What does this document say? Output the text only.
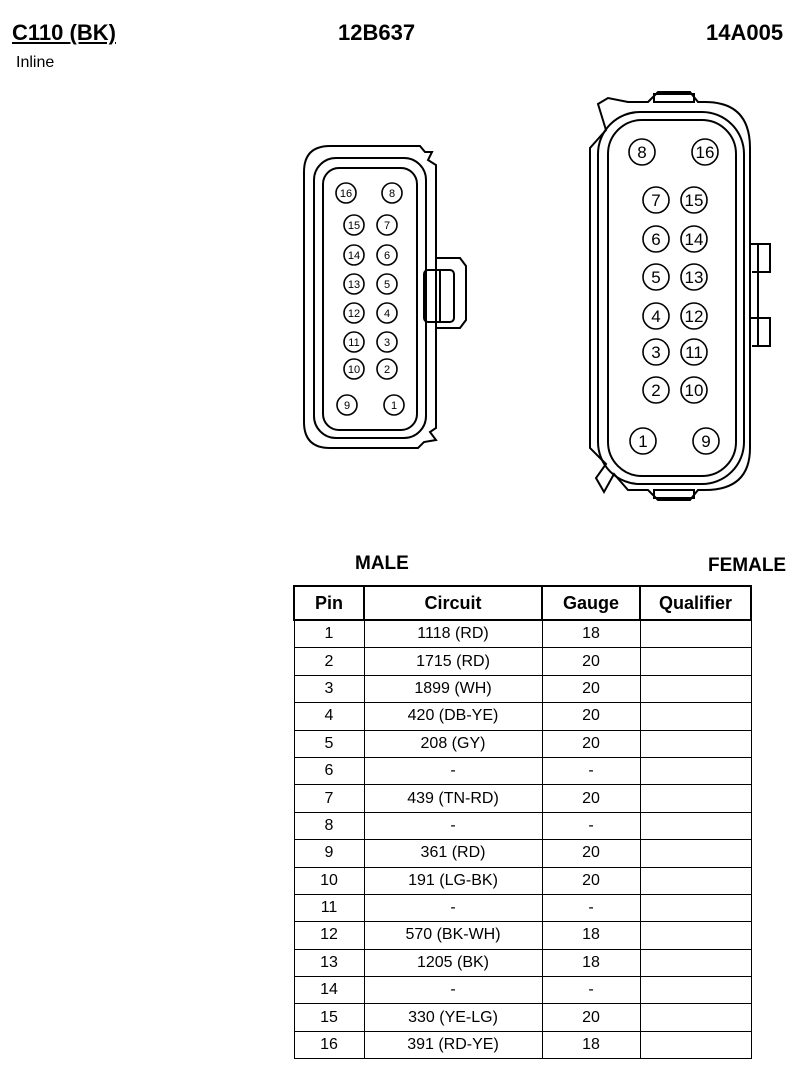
C110 (BK)	12B637	14A005
Inline
16	8
15 7
14 6
13 5
12 4
11 3
10 2
9	1
8	16
7 15
6 14
5 13
4 12
3 11
2 10
1	9
MALE	FEMALE
Pin	Circuit	Gauge	Qualifier
1	1118 (RD)	18	
2	1715 (RD)	20	
3	1899 (WH)	20	
4	420 (DB-YE)	20	
5	208 (GY)	20	
6	-	-	
7	439 (TN-RD)	20	
8	-	-	
9	361 (RD)	20	
10	191 (LG-BK)	20	
11	-	-	
12	570 (BK-WH)	18	
13	1205 (BK)	18	
14	-	-	
15	330 (YE-LG)	20	
16	391 (RD-YE)	18	
